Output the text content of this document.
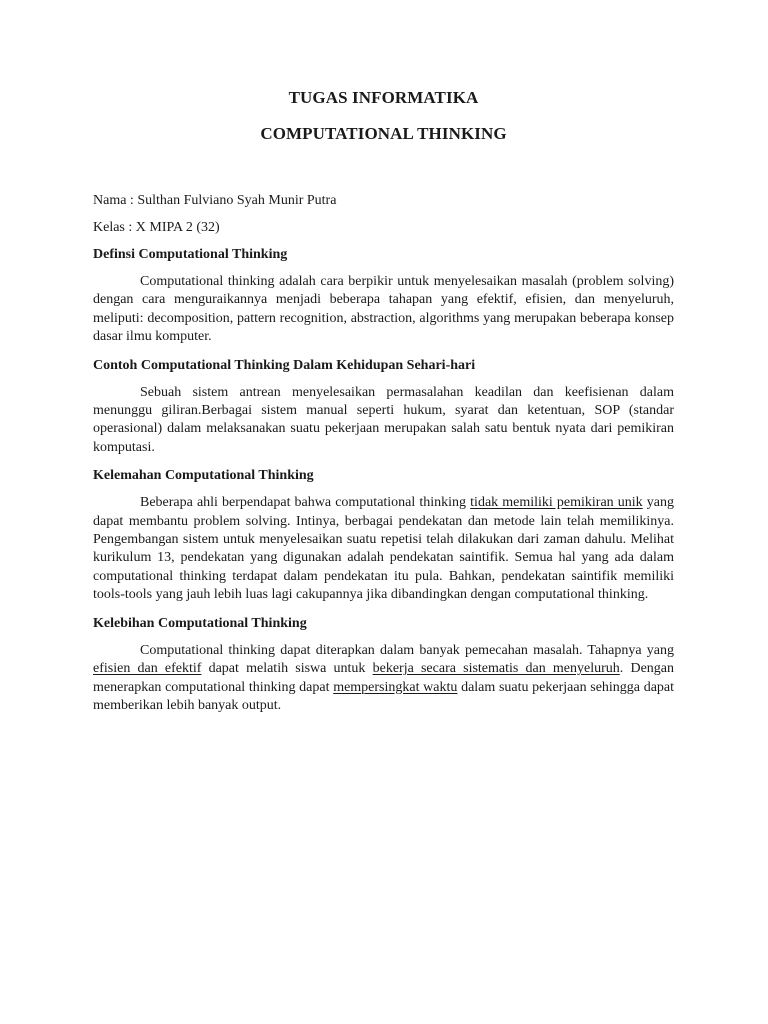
TUGAS INFORMATIKA

COMPUTATIONAL THINKING

Nama : Sulthan Fulviano Syah Munir Putra

Kelas : X MIPA 2 (32)

Definsi Computational Thinking

Computational thinking adalah cara berpikir untuk menyelesaikan masalah (problem solving) dengan cara menguraikannya menjadi beberapa tahapan yang efektif, efisien, dan menyeluruh, meliputi: decomposition, pattern recognition, abstraction, algorithms yang merupakan beberapa konsep dasar ilmu komputer.

Contoh Computational Thinking Dalam Kehidupan Sehari-hari

Sebuah sistem antrean menyelesaikan permasalahan keadilan dan keefisienan dalam menunggu giliran.Berbagai sistem manual seperti hukum, syarat dan ketentuan, SOP (standar operasional) dalam melaksanakan suatu pekerjaan merupakan salah satu bentuk nyata dari pemikiran komputasi.

Kelemahan Computational Thinking

Beberapa ahli berpendapat bahwa computational thinking tidak memiliki pemikiran unik yang dapat membantu problem solving. Intinya, berbagai pendekatan dan metode lain telah memilikinya. Pengembangan sistem untuk menyelesaikan suatu repetisi telah dilakukan dari zaman dahulu. Melihat kurikulum 13, pendekatan yang digunakan adalah pendekatan saintifik. Semua hal yang ada dalam computational thinking terdapat dalam pendekatan itu pula. Bahkan, pendekatan saintifik memiliki tools-tools yang jauh lebih luas lagi cakupannya jika dibandingkan dengan computational thinking.

Kelebihan Computational Thinking

Computational thinking dapat diterapkan dalam banyak pemecahan masalah. Tahapnya yang efisien dan efektif dapat melatih siswa untuk bekerja secara sistematis dan menyeluruh. Dengan menerapkan computational thinking dapat mempersingkat waktu dalam suatu pekerjaan sehingga dapat memberikan lebih banyak output.
